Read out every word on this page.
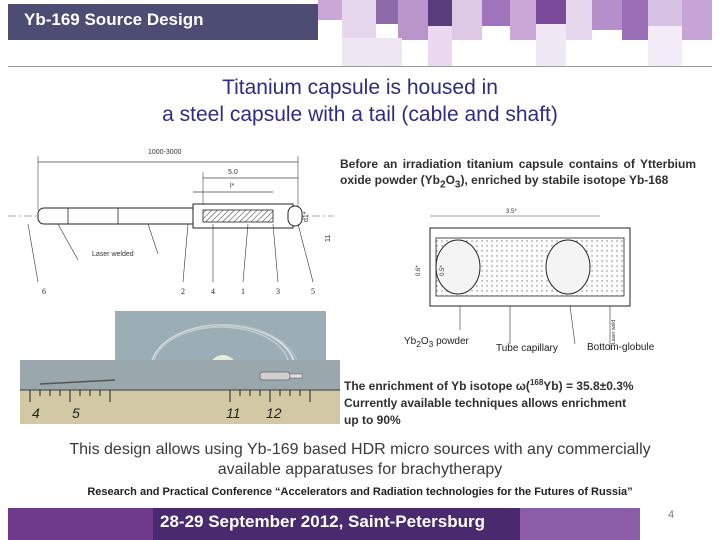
Yb-169 Source Design
Titanium capsule is housed in
a steel capsule with a tail (cable and shaft)
1000-3000
5.0
l*
d1*
11
Laser welded
6	2	4	1	3	5
Before an irradiation titanium capsule contains of Ytterbium oxide powder $(Yb_2O_3)$, enriched by stabile isotope Yb-168
3.5*
0.6*	0.5*
Laser weld
$Yb_2O_3$ powder
Tube capillary	Bottom-globule
4 5	11 12
The enrichment of Yb isotope ω($^{168}$Yb) = 35.8±0.3%
Currently available techniques allows enrichment
up to 90%
This design allows using Yb-169 based HDR micro sources with any commercially
available apparatuses for brachytherapy
Research and Practical Conference “Accelerators and Radiation technologies for the Futures of Russia”
28-29 September 2012, Saint-Petersburg	4
